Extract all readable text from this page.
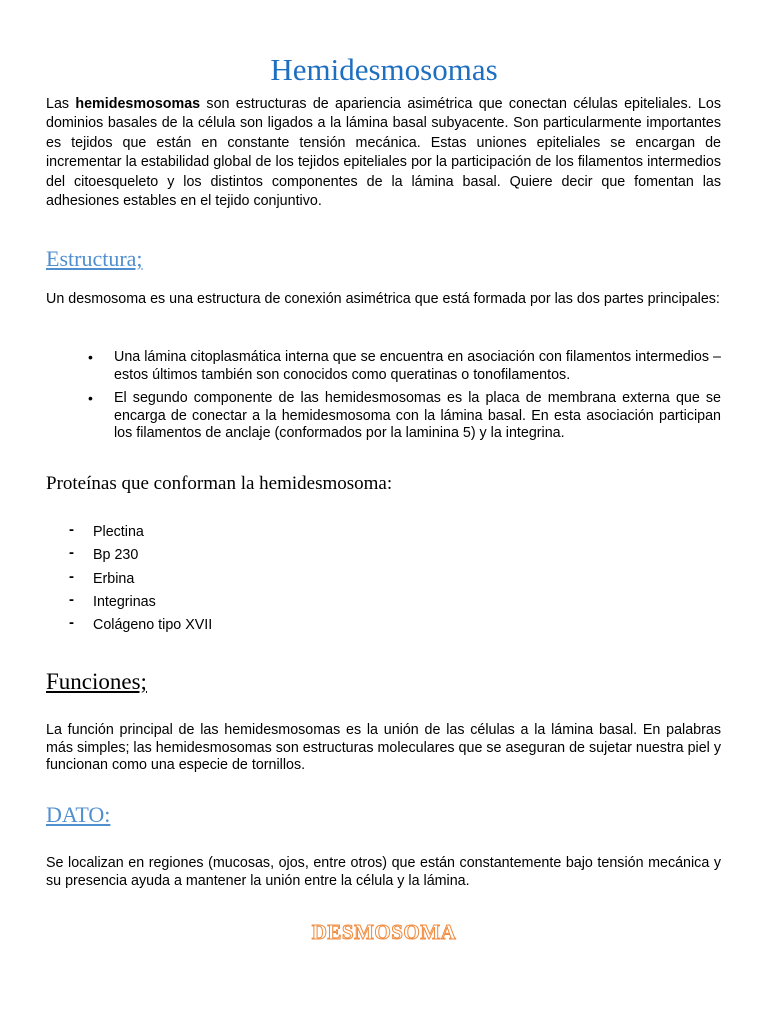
Hemidesmosomas

Las hemidesmosomas son estructuras de apariencia asimétrica que conectan células epiteliales. Los dominios basales de la célula son ligados a la lámina basal subyacente. Son particularmente importantes es tejidos que están en constante tensión mecánica. Estas uniones epiteliales se encargan de incrementar la estabilidad global de los tejidos epiteliales por la participación de los filamentos intermedios del citoesqueleto y los distintos componentes de la lámina basal. Quiere decir que fomentan las adhesiones estables en el tejido conjuntivo.

Estructura;

Un desmosoma es una estructura de conexión asimétrica que está formada por las dos partes principales:

• Una lámina citoplasmática interna que se encuentra en asociación con filamentos intermedios – estos últimos también son conocidos como queratinas o tonofilamentos.
• El segundo componente de las hemidesmosomas es la placa de membrana externa que se encarga de conectar a la hemidesmosoma con la lámina basal. En esta asociación participan los filamentos de anclaje (conformados por la laminina 5) y la integrina.
Proteínas que conforman la hemidesmosoma:
- Plectina
- Bp 230
- Erbina
- Integrinas
- Colágeno tipo XVII
Funciones;

La función principal de las hemidesmosomas es la unión de las células a la lámina basal. En palabras más simples; las hemidesmosomas son estructuras moleculares que se aseguran de sujetar nuestra piel y funcionan como una especie de tornillos.

DATO:

Se localizan en regiones (mucosas, ojos, entre otros) que están constantemente bajo tensión mecánica y su presencia ayuda a mantener la unión entre la célula y la lámina.

DESMOSOMA
